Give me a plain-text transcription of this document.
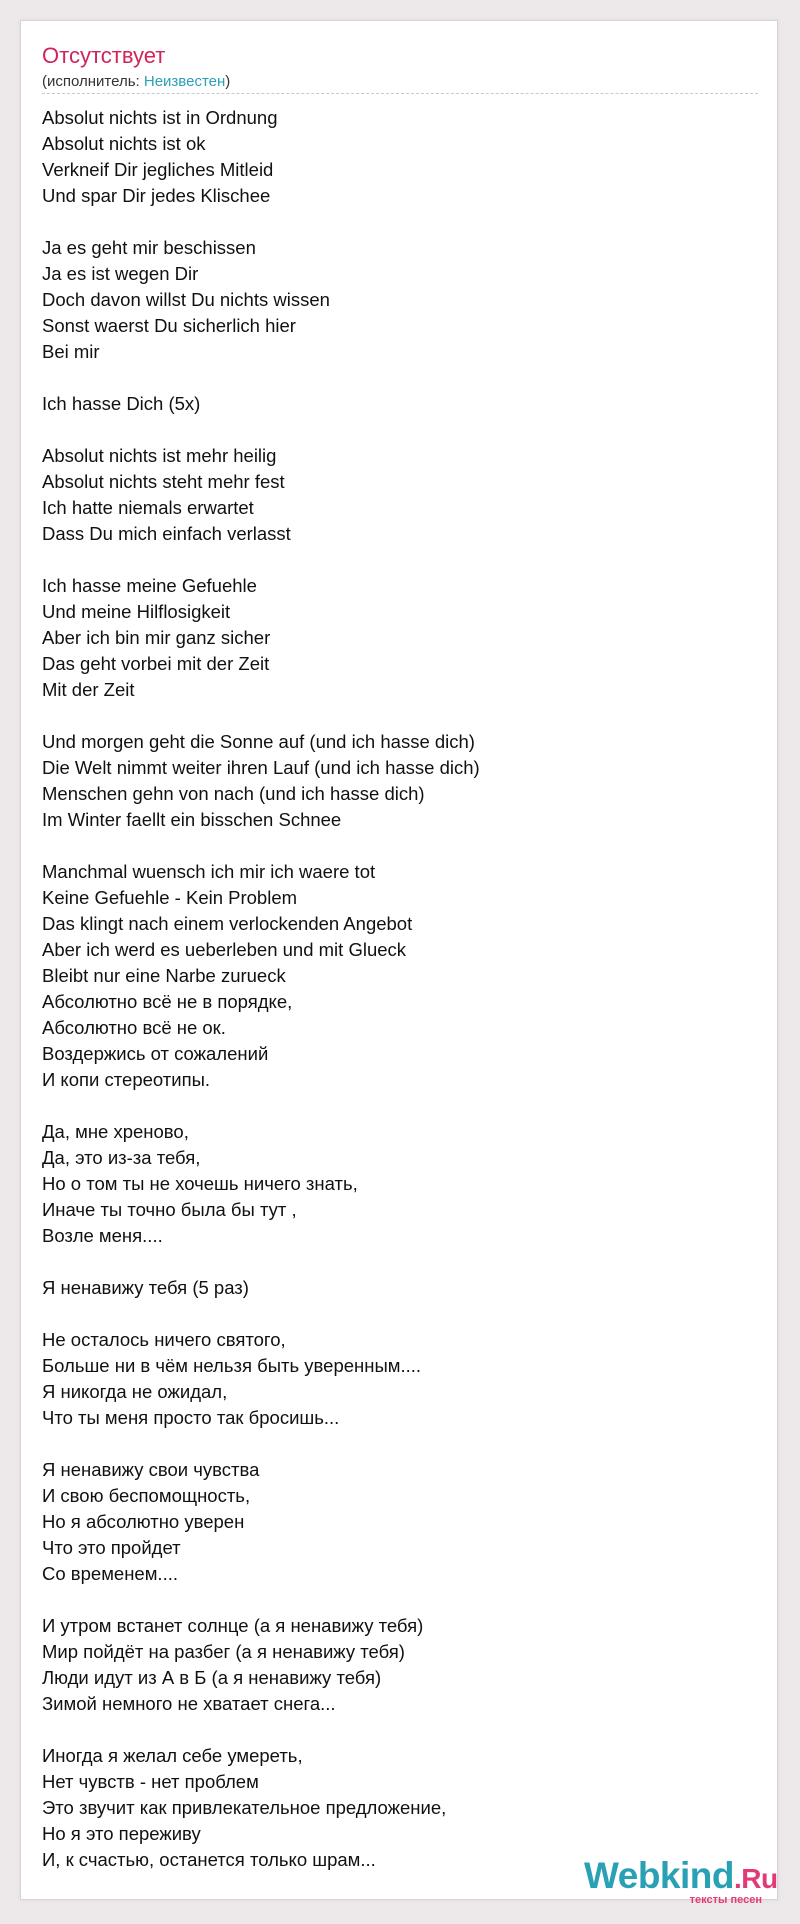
Отсутствует
(исполнитель: Неизвестен)
Absolut nichts ist in Ordnung
Absolut nichts ist ok
Verkneif Dir jegliches Mitleid
Und spar Dir jedes Klischee
Ja es geht mir beschissen
Ja es ist wegen Dir
Doch davon willst Du nichts wissen
Sonst waerst Du sicherlich hier
Bei mir
Ich hasse Dich (5x)
Absolut nichts ist mehr heilig
Absolut nichts steht mehr fest
Ich hatte niemals erwartet
Dass Du mich einfach verlasst
Ich hasse meine Gefuehle
Und meine Hilflosigkeit
Aber ich bin mir ganz sicher
Das geht vorbei mit der Zeit
Mit der Zeit
Und morgen geht die Sonne auf (und ich hasse dich)
Die Welt nimmt weiter ihren Lauf (und ich hasse dich)
Menschen gehn von nach (und ich hasse dich)
Im Winter faellt ein bisschen Schnee
Manchmal wuensch ich mir ich waere tot
Keine Gefuehle - Kein Problem
Das klingt nach einem verlockenden Angebot
Aber ich werd es ueberleben und mit Glueck
Bleibt nur eine Narbe zurueck
Абсолютно всё не в порядке,
Абсолютно всё не ок.
Воздержись от сожалений
И копи стереотипы.
Да, мне хреново,
Да, это из-за тебя,
Но о том ты не хочешь ничего знать,
Иначе ты точно была бы тут ,
Возле меня....
Я ненавижу тебя (5 раз)
Не осталось ничего святого,
Больше ни в чём нельзя быть уверенным....
Я никогда не ожидал,
Что ты меня просто так бросишь...
Я ненавижу свои чувства
И свою беспомощность,
Но я абсолютно уверен
Что это пройдет
Со временем....
И утром встанет солнце (а я ненавижу тебя)
Мир пойдёт на разбег (а я ненавижу тебя)
Люди идут из А в Б (а я ненавижу тебя)
Зимой немного не хватает снега...
Иногда я желал себе умереть,
Нет чувств - нет проблем
Это звучит как привлекательное предложение,
Но я это переживу
И, к счастью, останется только шрам...	Webkind.Ru
тексты песен
